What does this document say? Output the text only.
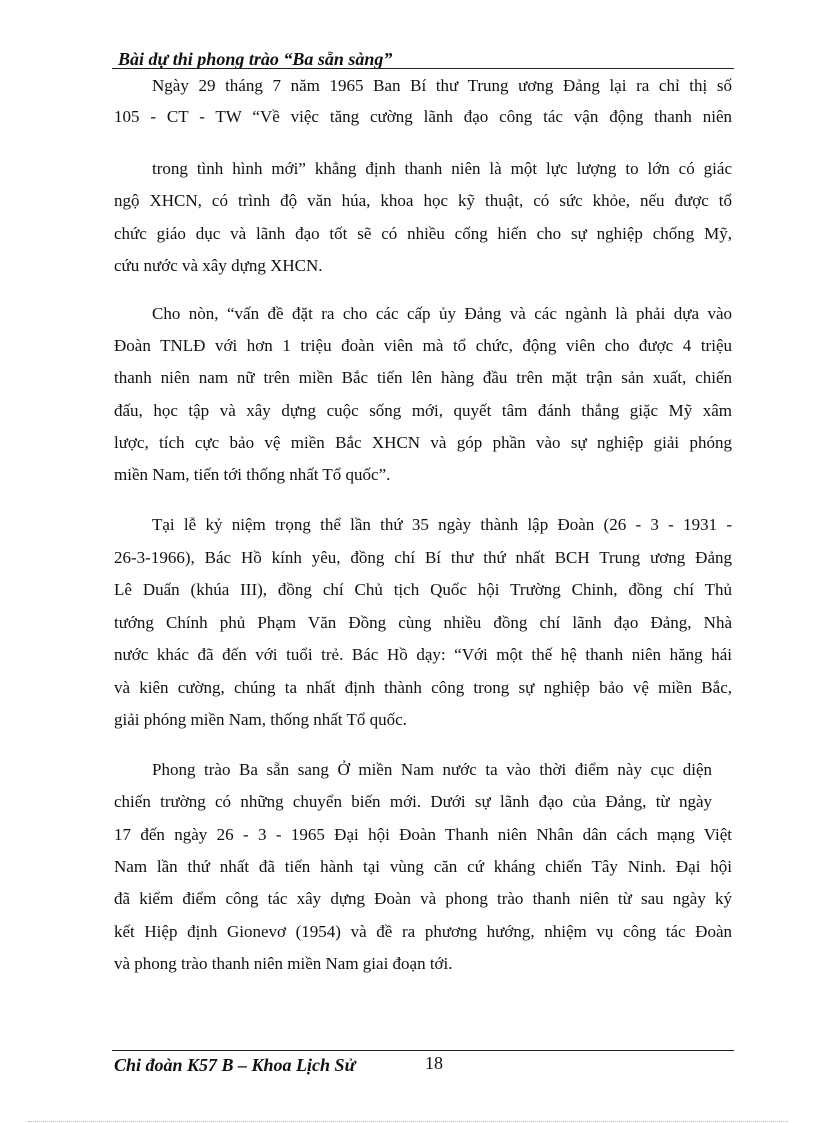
Bài dự thi phong trào “Ba sẵn sàng”
Ngày 29 tháng 7 năm 1965 Ban Bí thư Trung ương Đảng lại ra chỉ thị số
105 - CT - TW “Về việc tăng cường lãnh đạo công tác vận động thanh niên
trong tình hình mới” khẳng định thanh niên là một lực lượng to lớn có giác
ngộ XHCN, có trình độ văn húa, khoa học kỹ thuật, có sức khỏe, nếu được tổ
chức giáo dục và lãnh đạo tốt sẽ có nhiều cống hiến cho sự nghiệp chống Mỹ,
cứu nước và xây dựng XHCN.
Cho nòn, “vấn đề đặt ra cho các cấp ủy Đảng và các ngành là phải dựa vào
Đoàn TNLĐ với hơn 1 triệu đoàn viên mà tổ chức, động viên cho được 4 triệu
thanh niên nam nữ trên miền Bắc tiến lên hàng đầu trên mặt trận sản xuất, chiến
đấu, học tập và xây dựng cuộc sống mới, quyết tâm đánh thắng giặc Mỹ xâm
lược, tích cực bảo vệ miền Bắc XHCN và góp phần vào sự nghiệp giải phóng
miền Nam, tiến tới thống nhất Tổ quốc”.
Tại lễ kỷ niệm trọng thể lần thứ 35 ngày thành lập Đoàn (26 - 3 - 1931 -
26-3-1966), Bác Hồ kính yêu, đồng chí Bí thư thứ nhất BCH Trung ương Đảng
Lê Duẩn (khúa III), đồng chí Chủ tịch Quốc hội Trường Chinh, đồng chí Thủ
tướng Chính phủ Phạm Văn Đồng cùng nhiều đồng chí lãnh đạo Đảng, Nhà
nước khác đã đến với tuổi trẻ. Bác Hồ dạy: “Với một thế hệ thanh niên hăng hái
và kiên cường, chúng ta nhất định thành công trong sự nghiệp bảo vệ miền Bắc,
giải phóng miền Nam, thống nhất Tổ quốc.
Phong trào Ba sẵn sang Ở miền Nam nước ta vào thời điểm này cục diện
chiến trường có những chuyển biến mới. Dưới sự lãnh đạo của Đảng, từ ngày
17 đến ngày 26 - 3 - 1965 Đại hội Đoàn Thanh niên Nhân dân cách mạng Việt
Nam lần thứ nhất đã tiến hành tại vùng căn cứ kháng chiến Tây Ninh. Đại hội
đã kiểm điểm công tác xây dựng Đoàn và phong trào thanh niên từ sau ngày ký
kết Hiệp định Gionevơ (1954) và đề ra phương hướng, nhiệm vụ công tác Đoàn
và phong trào thanh niên miền Nam giai đoạn tới.
Chi đoàn K57 B – Khoa Lịch Sử	18
